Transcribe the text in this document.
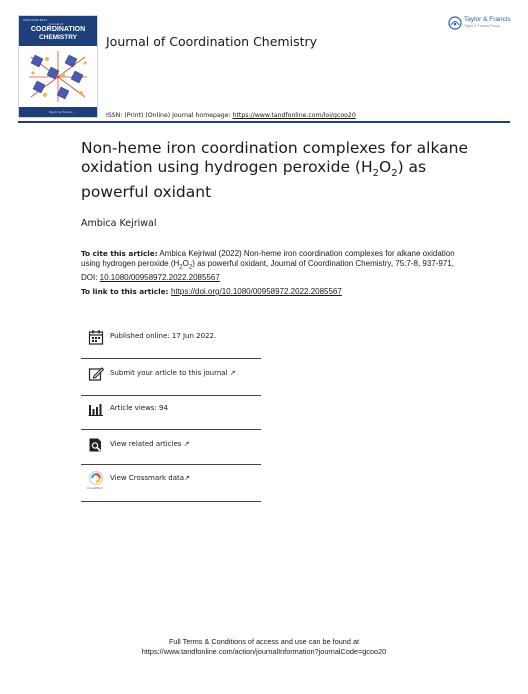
ISSN 0095-8972
Journal of
COORDINATION
CHEMISTRY
Taylor & Francis
Journal of Coordination Chemistry
Taylor & Francis
Taylor & Francis Group
ISSN: (Print) (Online) Journal homepage: https://www.tandfonline.com/loi/gcoo20
Non-heme iron coordination complexes for alkane oxidation using hydrogen peroxide $(H_2O_2)$ as powerful oxidant
Ambica Kejriwal
To cite this article: Ambica Kejriwal (2022) Non-heme iron coordination complexes for alkane oxidation using hydrogen peroxide $(H_2O_2)$ as powerful oxidant, Journal of Coordination Chemistry, 75:7-8, 937-971, DOI: 10.1080/00958972.2022.2085567
To link to this article: https://doi.org/10.1080/00958972.2022.2085567
Published online: 17 Jun 2022.
Submit your article to this journal ↗
Article views: 94
View related articles ↗
CrossMark
View Crossmark data↗
Full Terms & Conditions of access and use can be found at
https://www.tandfonline.com/action/journalInformation?journalCode=gcoo20
